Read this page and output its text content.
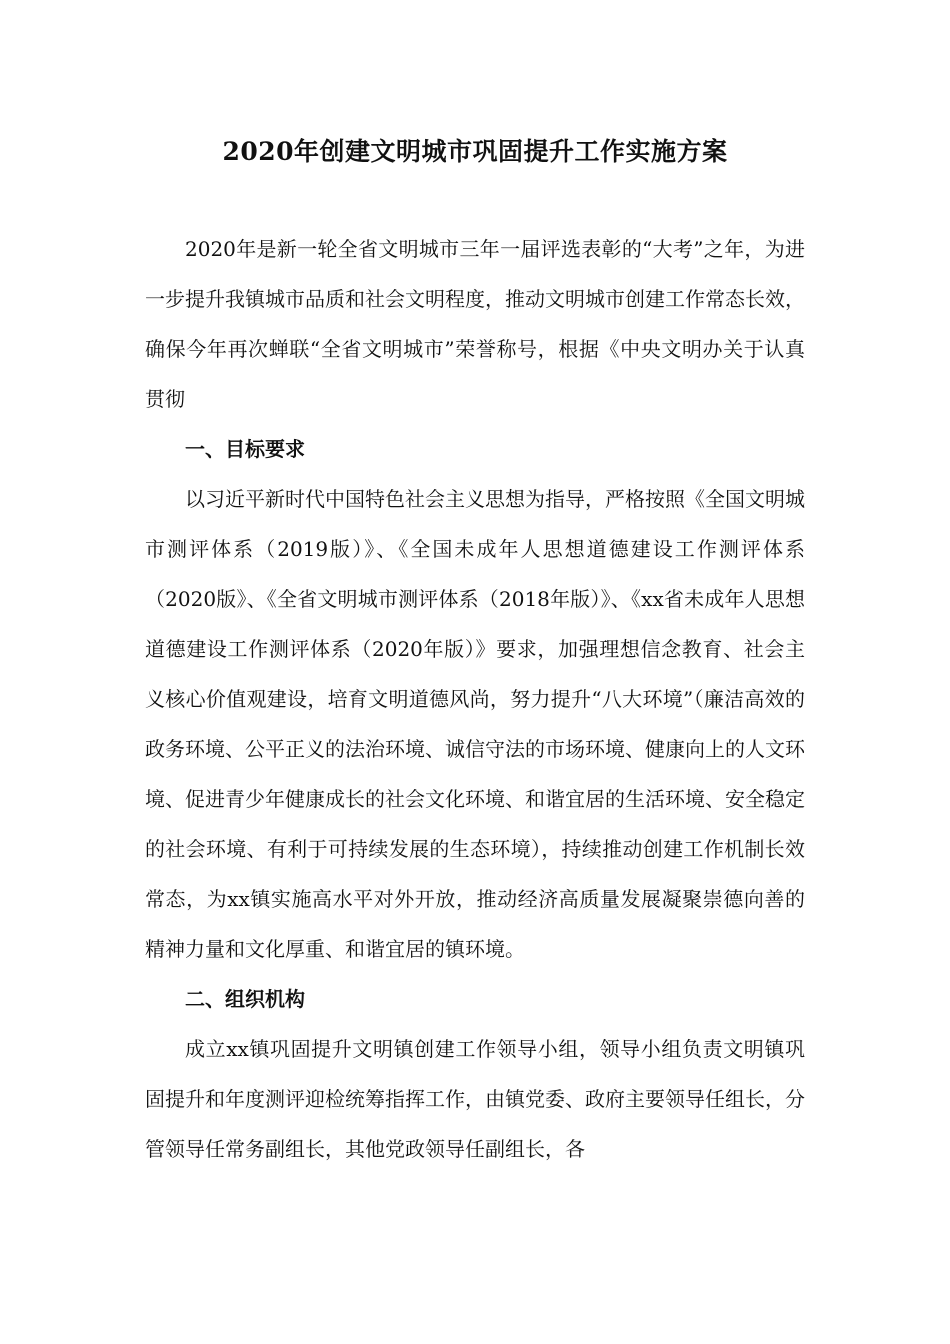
2020年创建文明城市巩固提升工作实施方案

2020年是新一轮全省文明城市三年一届评选表彰的“大考”之年，为进一步提升我镇城市品质和社会文明程度，推动文明城市创建工作常态长效，确保今年再次蝉联“全省文明城市”荣誉称号，根据《中央文明办关于认真贯彻

一、目标要求

以习近平新时代中国特色社会主义思想为指导，严格按照《全国文明城市测评体系（2019版）》、《全国未成年人思想道德建设工作测评体系（2020版》、《全省文明城市测评体系（2018年版）》、《xx省未成年人思想道德建设工作测评体系（2020年版）》要求，加强理想信念教育、社会主义核心价值观建设，培育文明道德风尚，努力提升“八大环境”（廉洁高效的政务环境、公平正义的法治环境、诚信守法的市场环境、健康向上的人文环境、促进青少年健康成长的社会文化环境、和谐宜居的生活环境、安全稳定的社会环境、有利于可持续发展的生态环境），持续推动创建工作机制长效常态，为xx镇实施高水平对外开放，推动经济高质量发展凝聚崇德向善的精神力量和文化厚重、和谐宜居的镇环境。

二、组织机构

成立xx镇巩固提升文明镇创建工作领导小组，领导小组负责文明镇巩固提升和年度测评迎检统筹指挥工作，由镇党委、政府主要领导任组长，分管领导任常务副组长，其他党政领导任副组长，各
